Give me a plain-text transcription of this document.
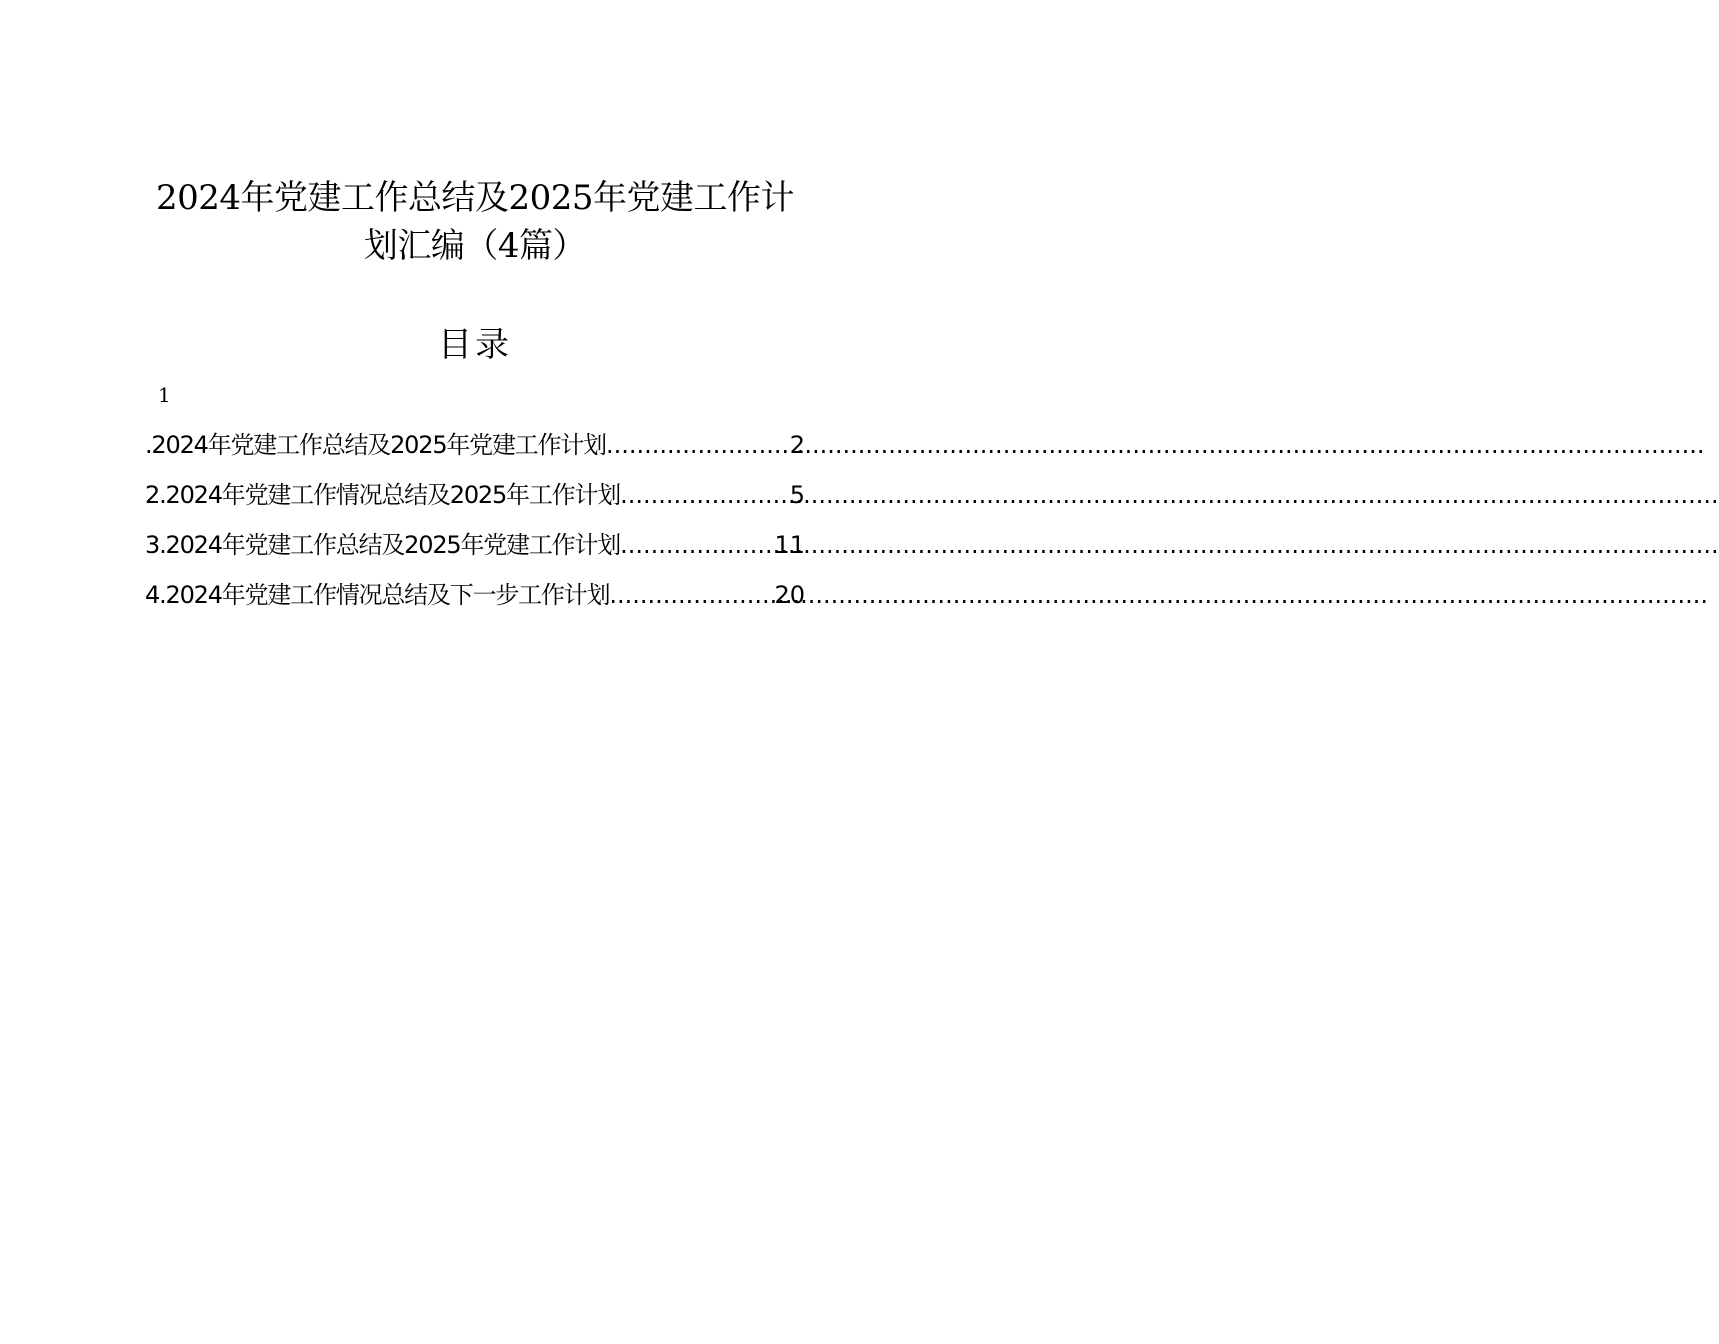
2024年党建工作总结及2025年党建工作计
划汇编（4篇）
目录
1
.2024年党建工作总结及2025年党建工作计划 .....	2
2.2024年党建工作情况总结及2025年工作计划 .....	5
3.2024年党建工作总结及2025年党建工作计划 .....	11
4.2024年党建工作情况总结及下一步工作计划 .....	20
